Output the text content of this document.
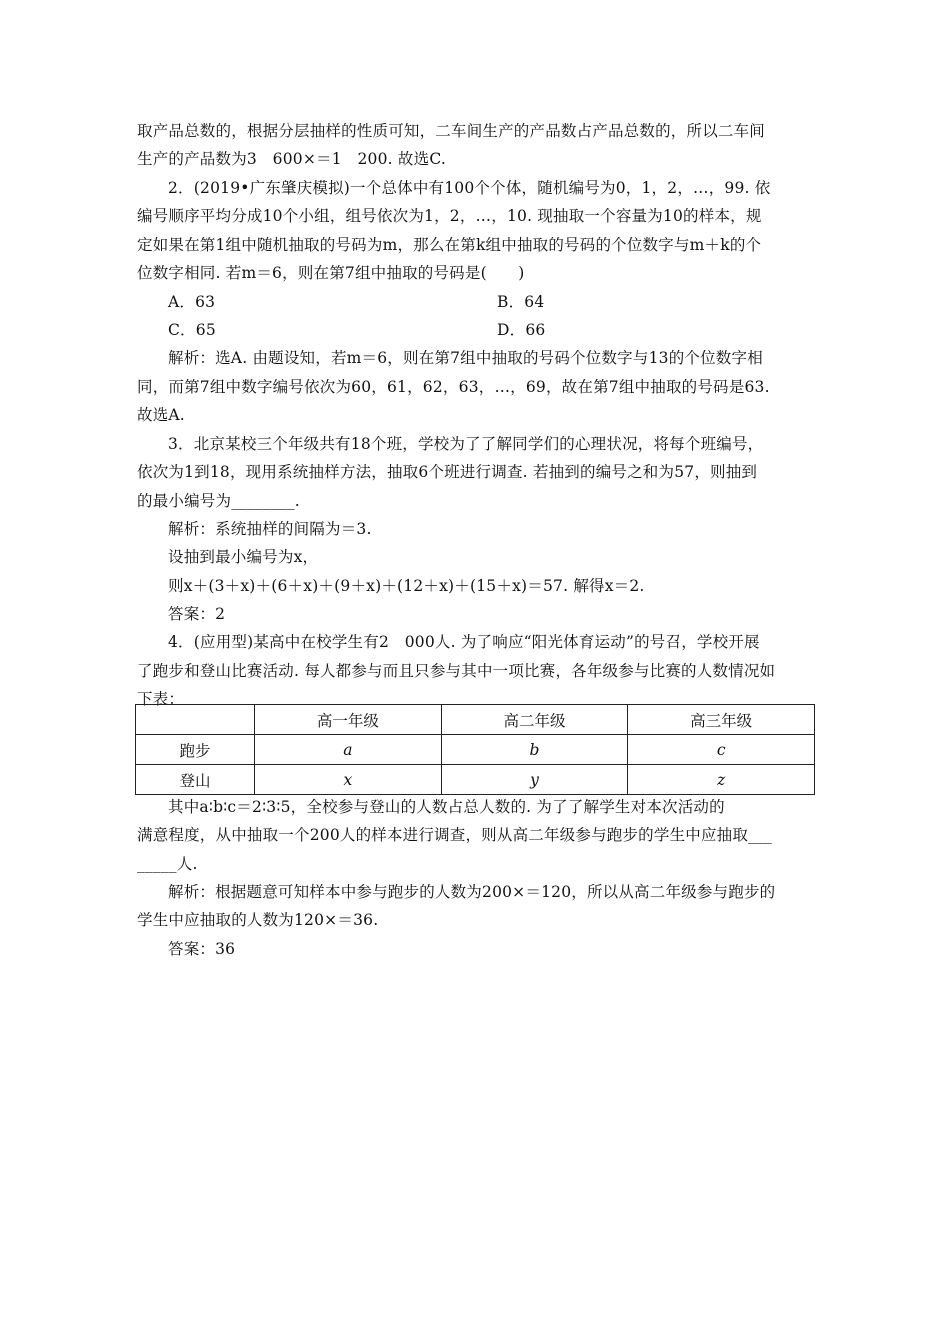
取产品总数的，根据分层抽样的性质可知，二车间生产的产品数占产品总数的，所以二车间
生产的产品数为3　600×＝1　200. 故选C.
2．(2019•广东肇庆模拟)一个总体中有100个个体，随机编号为0，1，2，…，99. 依
编号顺序平均分成10个小组，组号依次为1，2，…，10. 现抽取一个容量为10的样本，规
定如果在第1组中随机抽取的号码为m，那么在第k组中抽取的号码的个位数字与m＋k的个
位数字相同. 若m＝6，则在第7组中抽取的号码是(　　)
A．63	B．64
C．65	D．66
解析：选A. 由题设知，若m＝6，则在第7组中抽取的号码个位数字与13的个位数字相
同，而第7组中数字编号依次为60，61，62，63，…，69，故在第7组中抽取的号码是63.
故选A.
3．北京某校三个年级共有18个班，学校为了了解同学们的心理状况，将每个班编号，
依次为1到18，现用系统抽样方法，抽取6个班进行调查. 若抽到的编号之和为57，则抽到
的最小编号为________.
解析：系统抽样的间隔为＝3.
设抽到最小编号为x，
则x＋(3＋x)＋(6＋x)＋(9＋x)＋(12＋x)＋(15＋x)＝57. 解得x＝2.
答案：2
4．(应用型)某高中在校学生有2　000人. 为了响应“阳光体育运动”的号召，学校开展
了跑步和登山比赛活动. 每人都参与而且只参与其中一项比赛，各年级参与比赛的人数情况如
下表：
	高一年级	高二年级	高三年级
跑步	a	b	c
登山	x	y	z
其中a∶b∶c＝2∶3∶5，全校参与登山的人数占总人数的. 为了了解学生对本次活动的
满意程度，从中抽取一个200人的样本进行调查，则从高二年级参与跑步的学生中应抽取___
_____人.
解析：根据题意可知样本中参与跑步的人数为200×＝120，所以从高二年级参与跑步的
学生中应抽取的人数为120×＝36.
答案：36
